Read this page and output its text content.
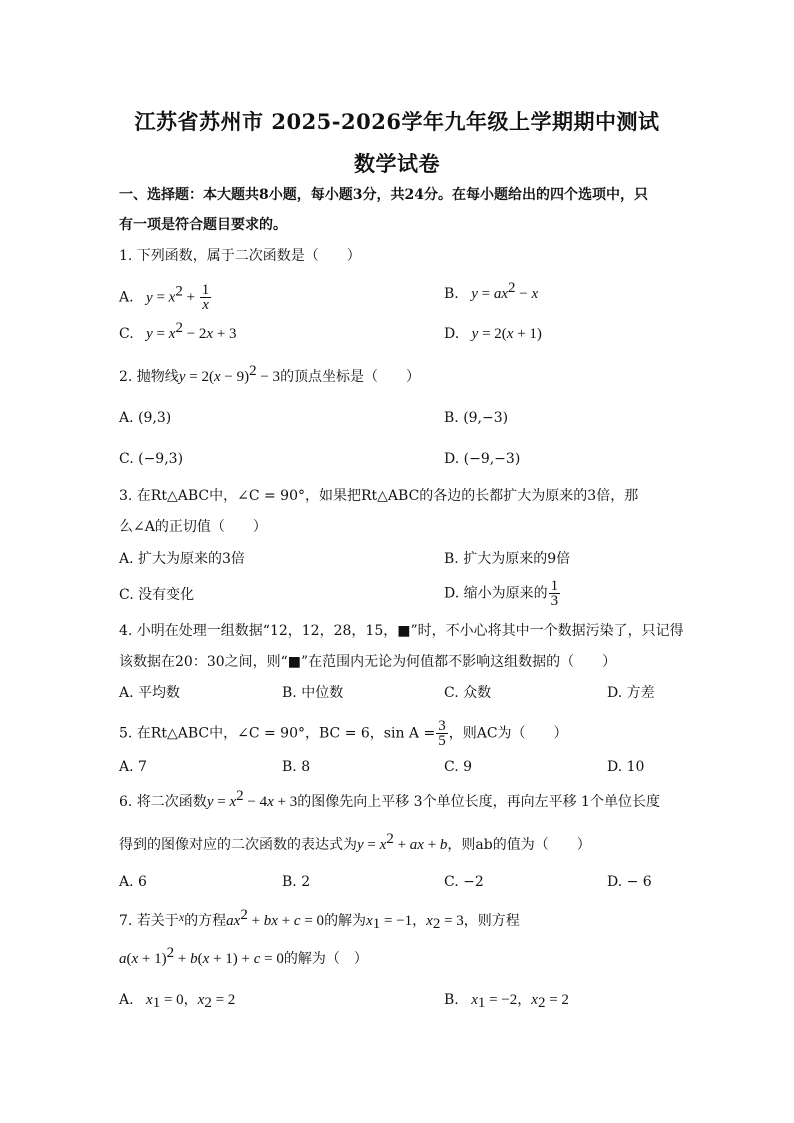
江苏省苏州市 2025-2026学年九年级上学期期中测试
数学试卷
一、选择题：本大题共8小题，每小题3分，共24分。在每小题给出的四个选项中，只
有一项是符合题目要求的。
1. 下列函数，属于二次函数是（　　）
A. $y = x^2 + \frac{1}{x}$	B. $y = ax^2 - x$
C. $y = x^2 - 2x + 3$	D. y = 2(x + 1)
2. 抛物线$y = 2(x - 9)^2 - 3$的顶点坐标是（　　）
A. (9,3)	B. (9,−3)
C. (−9,3)	D. (−9,−3)
3. 在Rt△ABC中，∠C = 90°，如果把Rt△ABC的各边的长都扩大为原来的3倍，那
么∠A的正切值（　　）
A. 扩大为原来的3倍	B. 扩大为原来的9倍
C. 没有变化	D. 缩小为原来的 $\frac{1}{3}$
4. 小明在处理一组数据“12，12，28，15，■”时，不小心将其中一个数据污染了，只记得
该数据在20：30之间，则“■”在范围内无论为何值都不影响这组数据的（　　）
A. 平均数	B. 中位数	C. 众数	D. 方差
5. 在Rt△ABC中，∠C = 90°，BC = 6，$\sin A = \frac{3}{5}$ ，则AC为（　　）
A. 7	B. 8	C. 9	D. 10
6. 将二次函数$y = x^2 - 4x + 3$的图像先向上平移 3个单位长度，再向左平移 1个单位长度
得到的图像对应的二次函数的表达式为$y = x^2$ + ax + b，则ab的值为（　　）
A. 6	B. 2	C. −2	D. − 6
7. 若关于x的方程$ax^2$ + bx + c = 0的解为$x_1 = -1$，$x_2 = 3$，则方程
$a(x + 1)^2 + b(x + 1) + c = 0$的解为（　）
A. $x_1 = 0$，$x_2 = 2$	B. $x_1 = -2$，$x_2 = 2$
